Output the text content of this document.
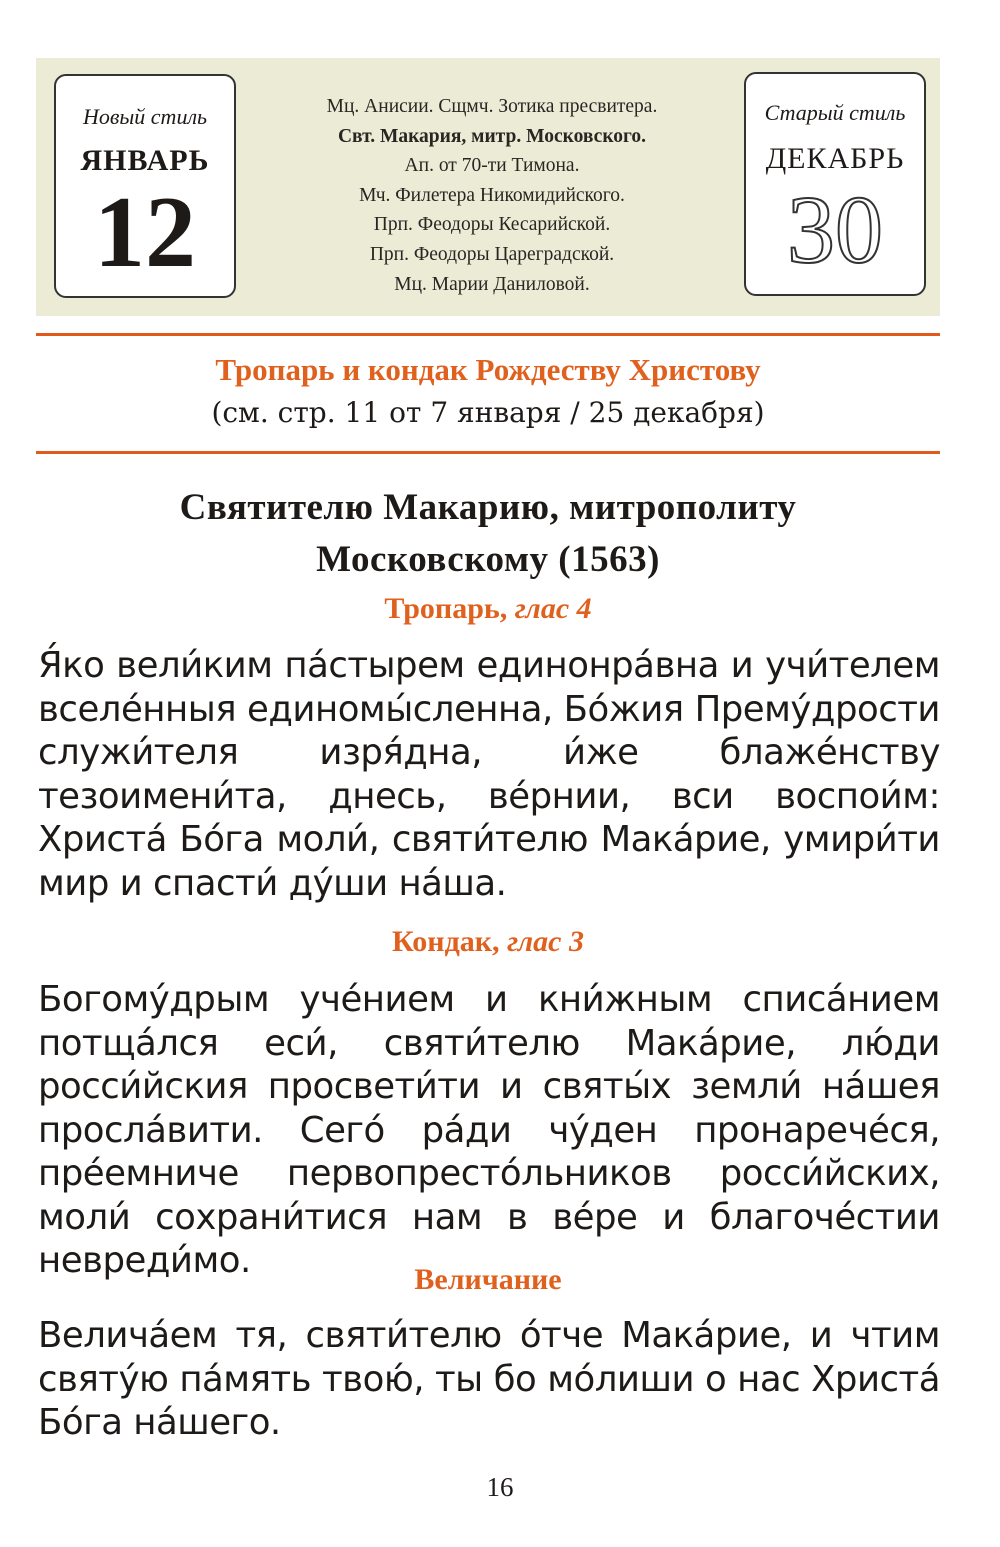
Новый стиль
ЯНВАРЬ
12
Мц. Анисии. Сщмч. Зотика пресвитера.
Свт. Макария, митр. Московского.
Ап. от 70-ти Тимона.
Мч. Филетера Никомидийского.
Прп. Феодоры Кесарийской.
Прп. Феодоры Цареградской.
Мц. Марии Даниловой.
Старый стиль
ДЕКАБРЬ
30
Тропарь и кондак Рождеству Христову
(см. стр. 11 от 7 января / 25 декабря)
Святителю Макарию, митрополиту
Московскому (1563)
Тропарь, глас 4
Я́ко вели́ким па́стырем единонра́вна и учи́телем вселе́нныя единомы́сленна, Бо́жия Прему́дрости служи́теля изря́дна, и́же блаже́нству тезоимени́та, днесь, ве́рнии, вси воспои́м: Христа́ Бо́га моли́, святи́телю Мака́рие, умири́ти мир и спасти́ ду́ши на́ша.
Кондак, глас 3
Богому́дрым уче́нием и кни́жным списа́нием потща́лся еси́, святи́телю Мака́рие, лю́ди росси́йския просвети́ти и святы́х земли́ на́шея просла́вити. Сего́ ра́ди чу́ден пронарече́ся, пре́емниче первопресто́льников росси́йских, моли́ сохрани́тися нам в ве́ре и благоче́стии невреди́мо.	Величание
Велича́ем тя, святи́телю о́тче Мака́рие, и чтим святу́ю па́мять твою́, ты бо мо́лиши о нас Христа́ Бо́га на́шего.
16
